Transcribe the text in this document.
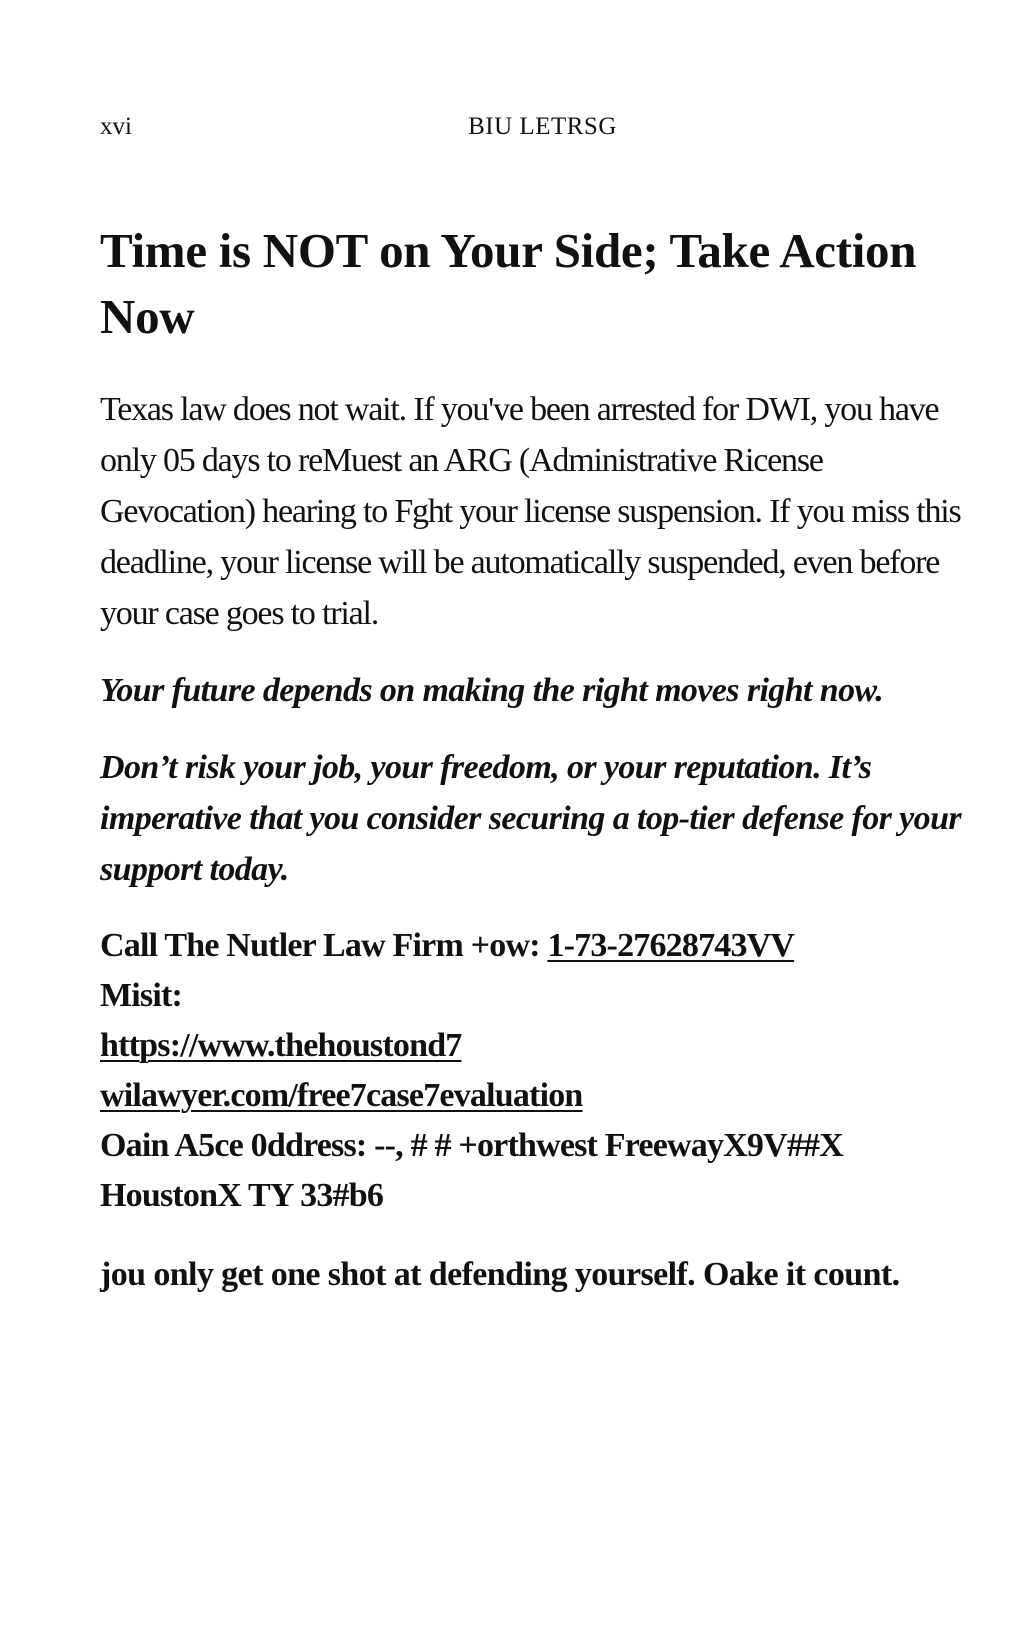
xvi	BIU LETRSG
Time is NOT on Your Side; Take Action Now

Texas law does not wait. If you've been arrested for DWI, you have only 05 days to reMuest an ARG (Administrative Ricense Gevocation) hearing to Fght your license suspension. If you miss this deadline, your license will be automatically suspended, even before your case goes to trial.

Your future depends on making the right moves right now.

Don’t risk your job, your freedom, or your reputation. It’s imperative that you consider securing a top-tier defense for your support today.

Call The Nutler Law Firm +ow: 1-73-27628743VV
Misit:
https://www.thehoustond7
wilawyer.com/free7case7evaluation
Oain A5ce 0ddress: --, # # +orthwest FreewayX9V##X
HoustonX TY 33#b6

jou only get one shot at defending yourself. Oake it count.
